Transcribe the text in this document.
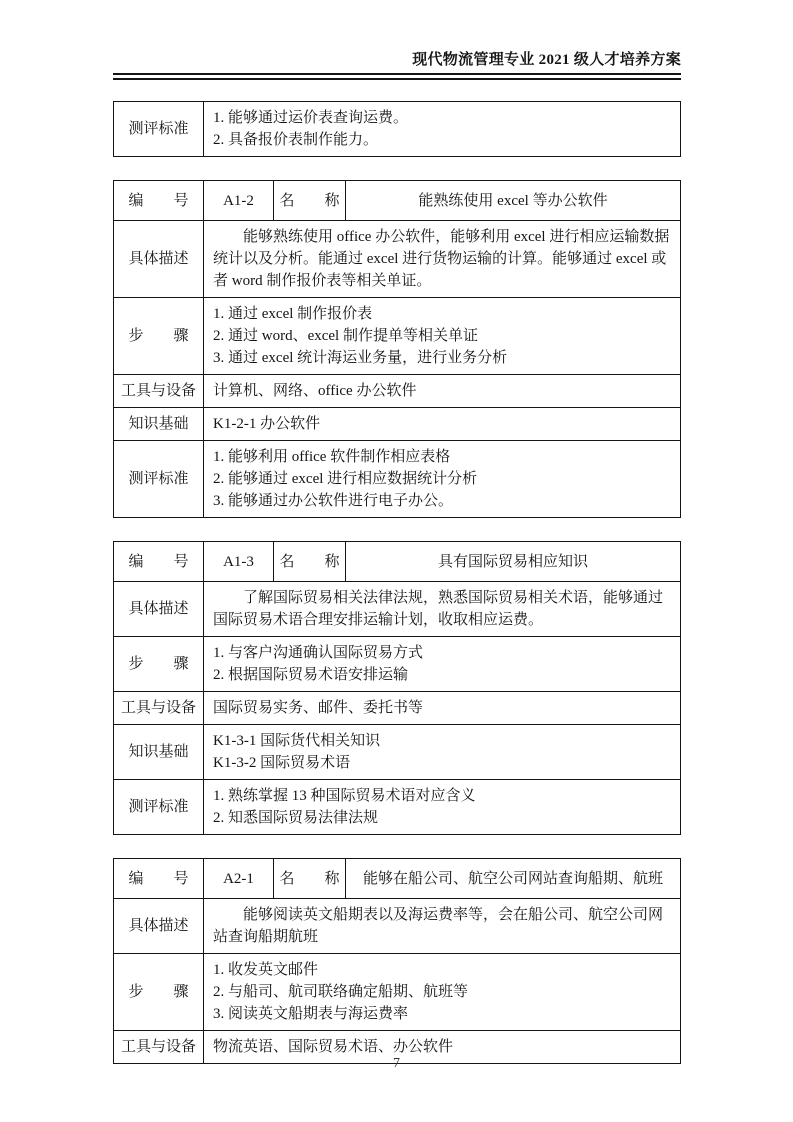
现代物流管理专业 2021 级人才培养方案
测评标准	
1. 能够通过运价表查询运费。
2. 具备报价表制作能力。
编　　号	A1-2	名　　称	能熟练使用 excel 等办公软件
具体描述	能够熟练使用 office 办公软件，能够利用 excel 进行相应运输数据统计以及分析。能通过 excel 进行货物运输的计算。能够通过 excel 或者 word 制作报价表等相关单证。		

步　　骤	1. 通过 excel 制作报价表
2. 通过 word、excel 制作提单等相关单证
3. 通过 excel 统计海运业务量，进行业务分析		

工具与设备	计算机、网络、office 办公软件		
知识基础	K1-2-1 办公软件		

测评标准	1. 能够利用 office 软件制作相应表格
2. 能够通过 excel 进行相应数据统计分析
3. 能够通过办公软件进行电子办公。		
编　　号	A1-3	名　　称	具有国际贸易相应知识
具体描述	了解国际贸易相关法律法规，熟悉国际贸易相关术语，能够通过国际贸易术语合理安排运输计划，收取相应运费。		

步　　骤	1. 与客户沟通确认国际贸易方式
2. 根据国际贸易术语安排运输		

工具与设备	国际贸易实务、邮件、委托书等		
知识基础	K1-3-1 国际货代相关知识
K1-3-2 国际贸易术语		

测评标准	1. 熟练掌握 13 种国际贸易术语对应含义
2. 知悉国际贸易法律法规		
编　　号	A2-1	名　　称	能够在船公司、航空公司网站查询船期、航班
具体描述	能够阅读英文船期表以及海运费率等，会在船公司、航空公司网站查询船期航班		

步　　骤	1. 收发英文邮件
2. 与船司、航司联络确定船期、航班等
3. 阅读英文船期表与海运费率		

工具与设备	物流英语、国际贸易术语、办公软件		
7
